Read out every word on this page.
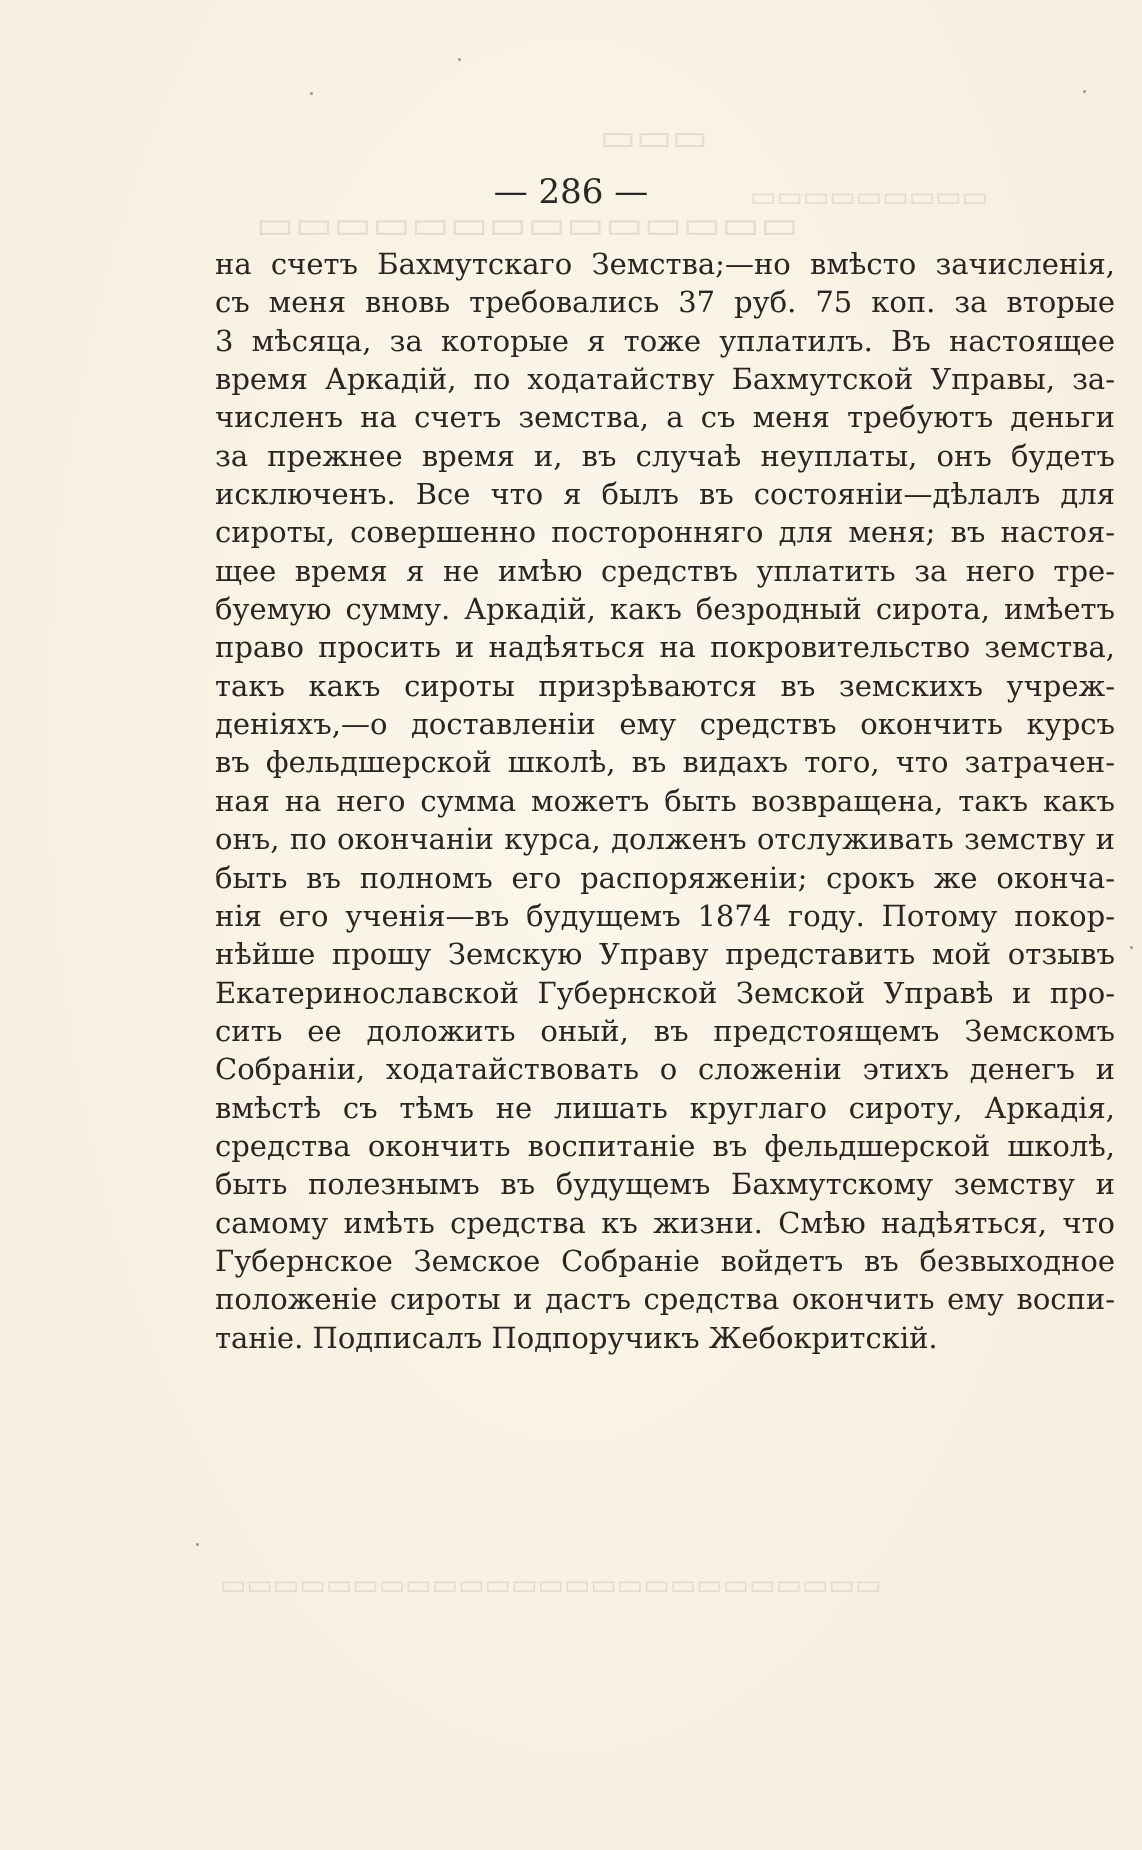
​▭▭▭▭▭▭▭▭▭▭▭▭▭▭
​▭▭▭
​▭▭▭▭▭▭▭▭▭
​▭▭▭▭▭▭▭▭▭▭▭▭▭▭▭▭▭▭▭▭▭▭▭▭▭
— 286 —
на счетъ Бахмутскаго Земства;—но вмѣсто зачисленія,
съ меня вновь требовались 37 руб. 75 коп. за вторые
3 мѣсяца, за которые я тоже уплатилъ. Въ настоящее
время Аркадій, по ходатайству Бахмутской Управы, за-
численъ на счетъ земства, а съ меня требуютъ деньги
за прежнее время и, въ случаѣ неуплаты, онъ будетъ
исключенъ. Все что я былъ въ состояніи—дѣлалъ для
сироты, совершенно посторонняго для меня; въ настоя-
щее время я не имѣю средствъ уплатить за него тре-
буемую сумму. Аркадій, какъ безродный сирота, имѣетъ
право просить и надѣяться на покровительство земства,
такъ какъ сироты призрѣваются въ земскихъ учреж-
деніяхъ,—о доставленіи ему средствъ окончить курсъ
въ фельдшерской школѣ, въ видахъ того, что затрачен-
ная на него сумма можетъ быть возвращена, такъ какъ
онъ, по окончаніи курса, долженъ отслуживать земству и
быть въ полномъ его распоряженіи; срокъ же оконча-
нія его ученія—въ будущемъ 1874 году. Потому покор-
нѣйше прошу Земскую Управу представить мой отзывъ
Екатеринославской Губернской Земской Управѣ и про-
сить ее доложить оный, въ предстоящемъ Земскомъ
Собраніи, ходатайствовать о сложеніи этихъ денегъ и
вмѣстѣ съ тѣмъ не лишать круглаго сироту, Аркадія,
средства окончить воспитаніе въ фельдшерской школѣ,
быть полезнымъ въ будущемъ Бахмутскому земству и
самому имѣть средства къ жизни. Смѣю надѣяться, что
Губернское Земское Собраніе войдетъ въ безвыходное
положеніе сироты и дастъ средства окончить ему воспи-
таніе. Подписалъ Подпоручикъ Жебокритскій.
